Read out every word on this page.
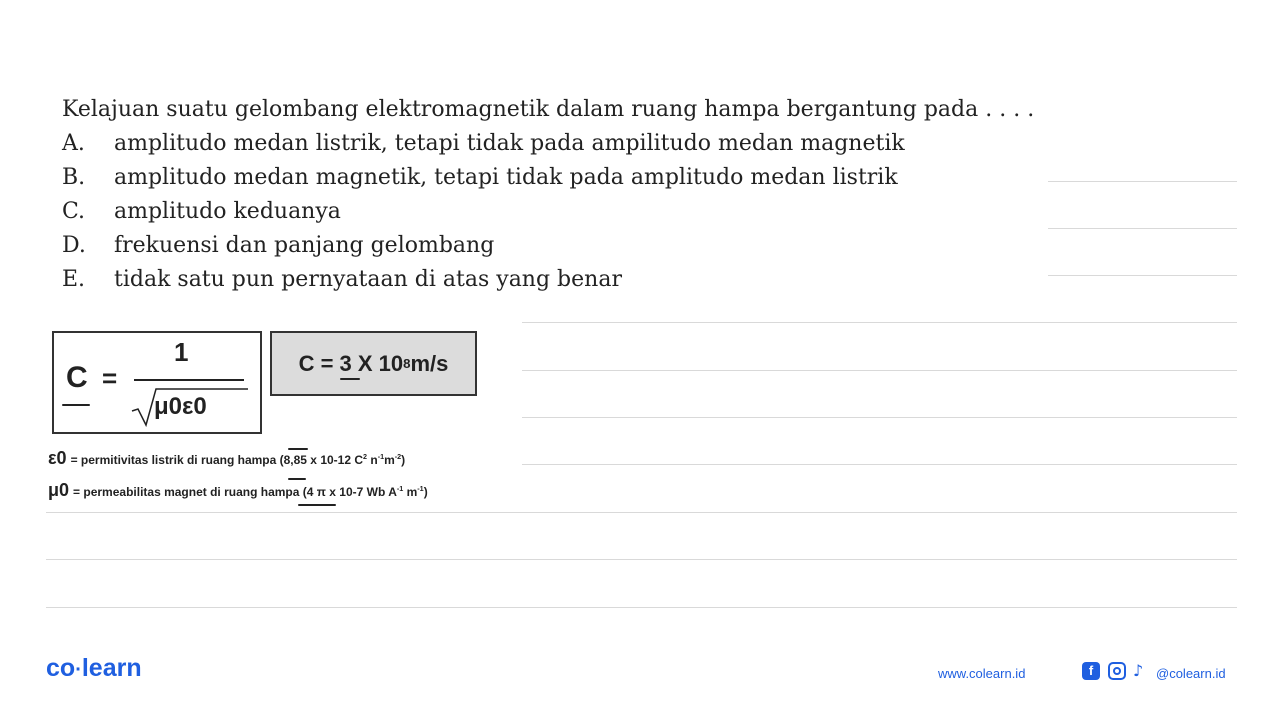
Kelajuan suatu gelombang elektromagnetik dalam ruang hampa bergantung pada . . . .
A.	amplitudo medan listrik, tetapi tidak pada ampilitudo medan magnetik
B.	amplitudo medan magnetik, tetapi tidak pada amplitudo medan listrik
C.	amplitudo keduanya
D.	frekuensi dan panjang gelombang
E.	tidak satu pun pernyataan di atas yang benar
C =
1
μ0ε0
C = 3 X 10 8 m/s
ε0 = permitivitas listrik di ruang hampa (8,85 x 10-12 $C^2$ $n^{-1}m^{-2}$)
μ0 = permeabilitas magnet di ruang hampa (4 π x 10-7 Wb $A^{-1}$ $m^{-1}$)
co·learn	www.colearn.id	f	♪ @colearn.id
